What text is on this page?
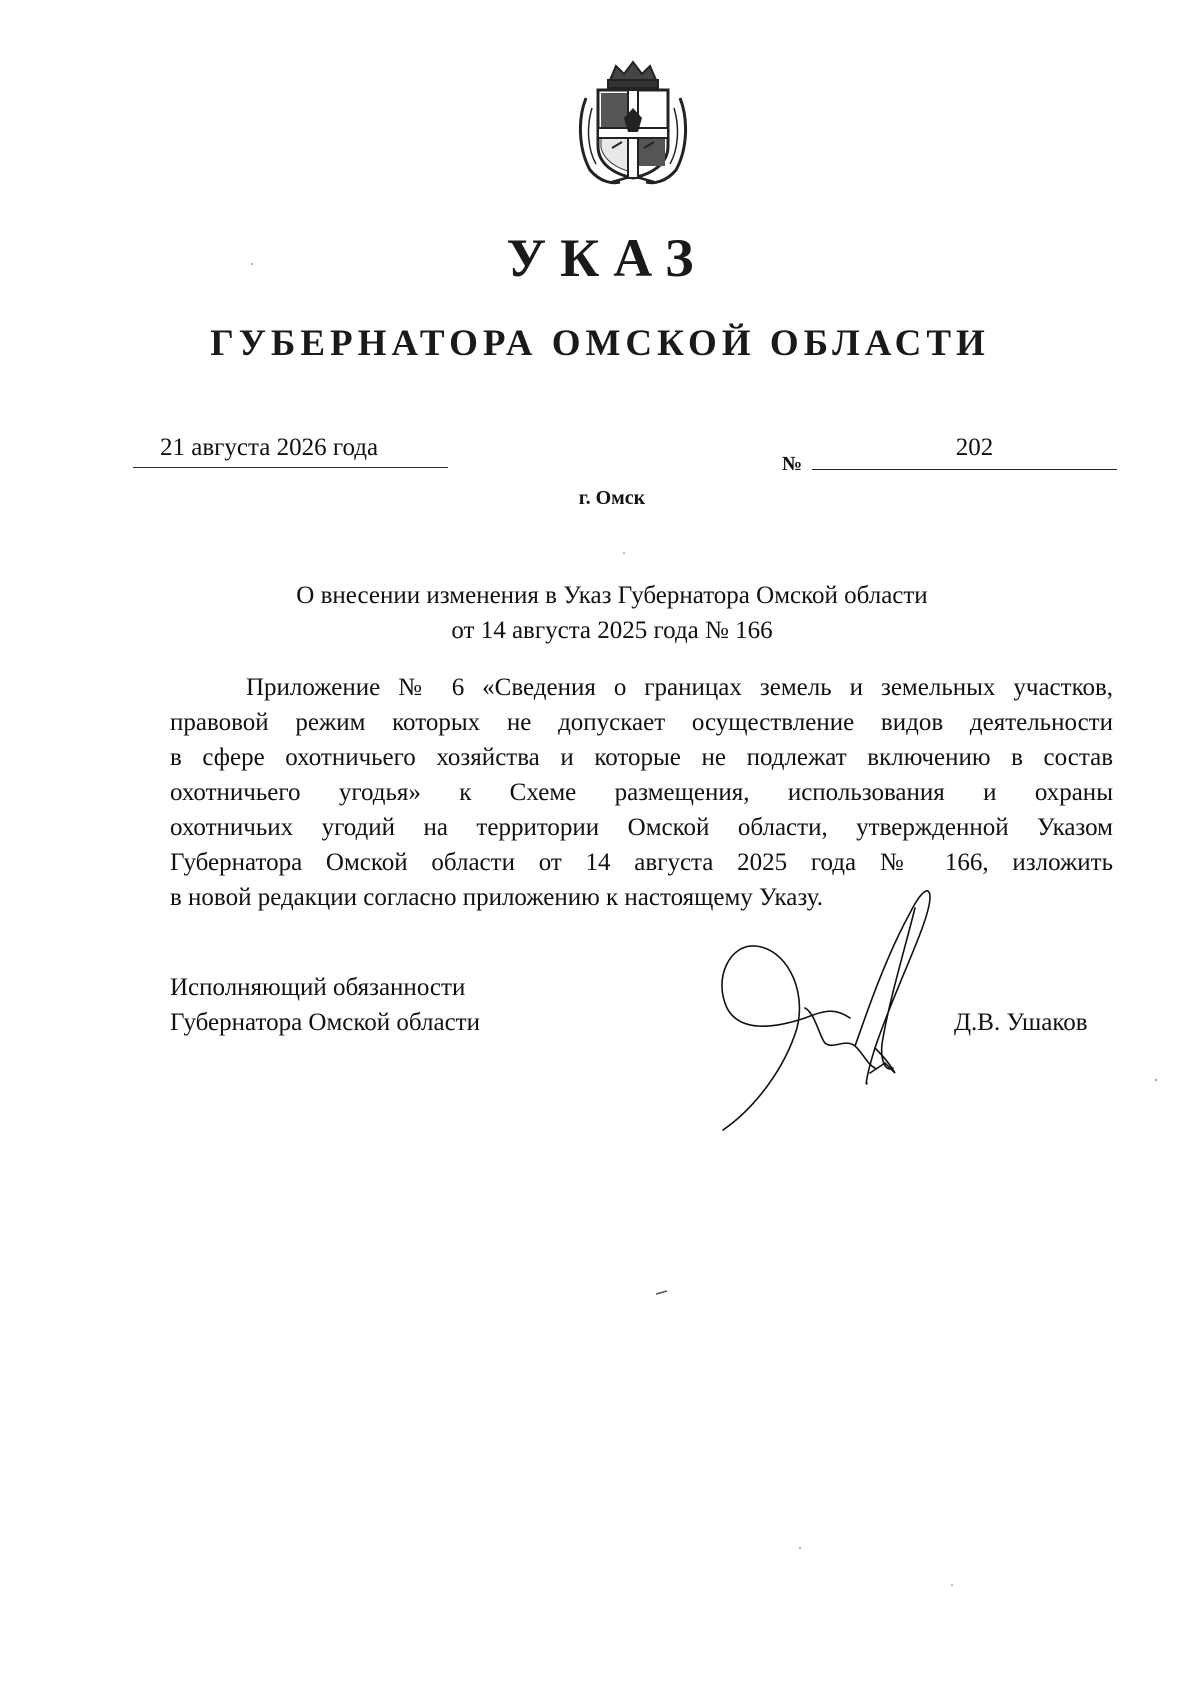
УКАЗ
ГУБЕРНАТОРА ОМСКОЙ ОБЛАСТИ
21 августа 2026 года
№
202
г. Омск
О внесении изменения в Указ Губернатора Омской области
от 14 августа 2025 года № 166
Приложение № 6 «Сведения о границах земель и земельных участков,
правовой режим которых не допускает осуществление видов деятельности
в сфере охотничьего хозяйства и которые не подлежат включению в состав
охотничьего угодья» к Схеме размещения, использования и охраны
охотничьих угодий на территории Омской области, утвержденной Указом
Губернатора Омской области от 14 августа 2025 года № 166, изложить
в новой редакции согласно приложению к настоящему Указу.
Исполняющий обязанности
Губернатора Омской области	Д.В. Ушаков
